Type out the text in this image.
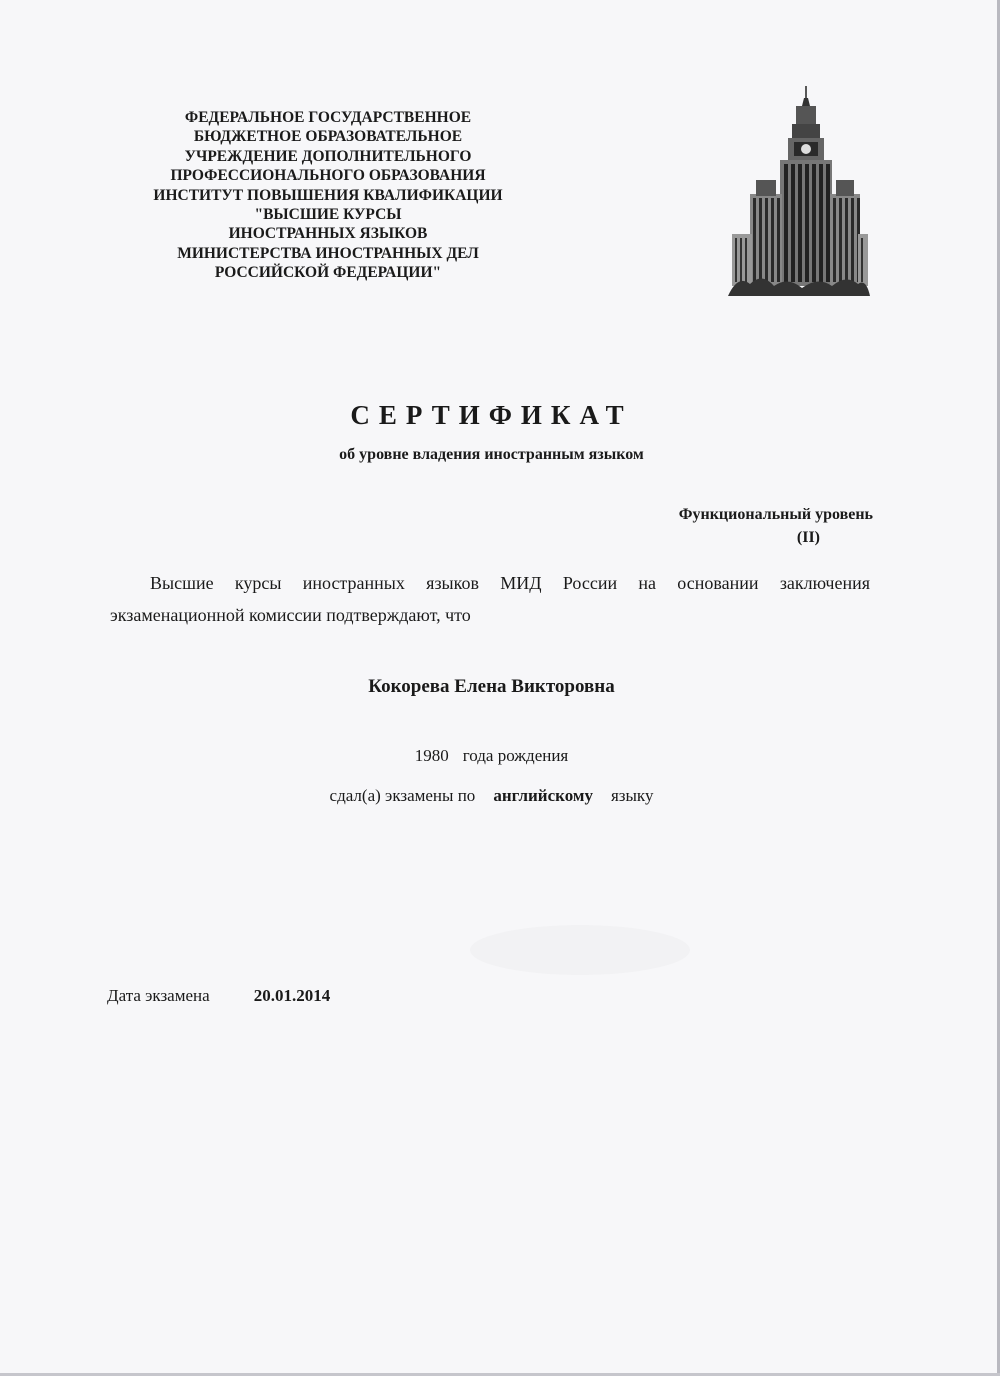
ФЕДЕРАЛЬНОЕ ГОСУДАРСТВЕННОЕ
БЮДЖЕТНОЕ ОБРАЗОВАТЕЛЬНОЕ
УЧРЕЖДЕНИЕ ДОПОЛНИТЕЛЬНОГО
ПРОФЕССИОНАЛЬНОГО ОБРАЗОВАНИЯ
ИНСТИТУТ ПОВЫШЕНИЯ КВАЛИФИКАЦИИ
"ВЫСШИЕ КУРСЫ
ИНОСТРАННЫХ ЯЗЫКОВ
МИНИСТЕРСТВА ИНОСТРАННЫХ ДЕЛ
РОССИЙСКОЙ ФЕДЕРАЦИИ"
СЕРТИФИКАТ
об уровне владения иностранным языком
Функциональный уровень
(II)
Высшие курсы иностранных языков МИД России на основании заключения
экзаменационной комиссии подтверждают, что
Кокорева Елена Викторовна
1980 года рождения
сдал(а) экзамены по английскому языку
Дата экзамена	20.01.2014
